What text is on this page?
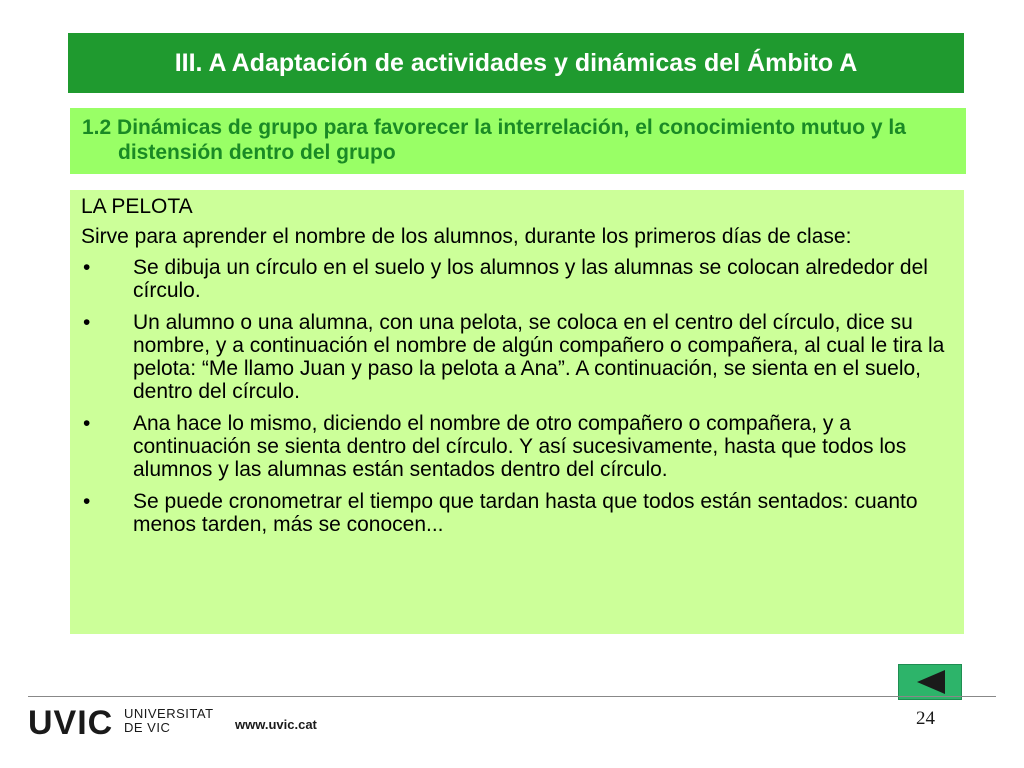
III. A Adaptación de actividades y dinámicas del Ámbito A

1.2 Dinámicas de grupo para favorecer la interrelación, el conocimiento mutuo y la distensión dentro del grupo

LA PELOTA

Sirve para aprender el nombre de los alumnos, durante los primeros días de clase:

•	Se dibuja un círculo en el suelo y los alumnos y las alumnas se colocan alrededor del círculo.
•	Un alumno o una alumna, con una pelota, se coloca en el centro del círculo, dice su nombre, y a continuación el nombre de algún compañero o compañera, al cual le tira la pelota: “Me llamo Juan y paso la pelota a Ana”. A continuación, se sienta en el suelo, dentro del círculo.
•	Ana hace lo mismo, diciendo el nombre de otro compañero o compañera, y a continuación se sienta dentro del círculo. Y así sucesivamente, hasta que todos los alumnos y las alumnas están sentados dentro del círculo.
•	Se puede cronometrar el tiempo que tardan hasta que todos están sentados: cuanto menos tarden, más se conocen...
UVIC UNIVERSITAT
DE VIC	www.uvic.cat	24
